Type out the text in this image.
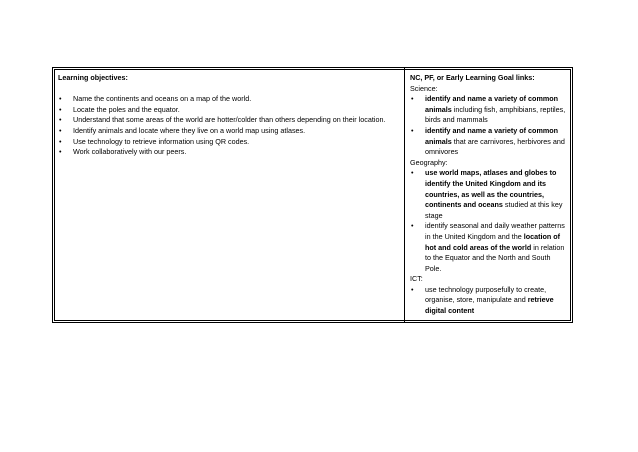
Learning objectives:

• Name the continents and oceans on a map of the world.
• Locate the poles and the equator.
• Understand that some areas of the world are hotter/colder than others depending on their location.
• Identify animals and locate where they live on a world map using atlases.
• Use technology to retrieve information using QR codes.
• Work collaboratively with our peers.

NC, PF, or Early Learning Goal links:

Science:

• identify and name a variety of common animals including fish, amphibians, reptiles, birds and mammals
• identify and name a variety of common animals that are carnivores, herbivores and omnivores

Geography:

• use world maps, atlases and globes to identify the United Kingdom and its countries, as well as the countries, continents and oceans studied at this key stage
• identify seasonal and daily weather patterns in the United Kingdom and the location of hot and cold areas of the world in relation to the Equator and the North and South Pole.

ICT:

• use technology purposefully to create, organise, store, manipulate and retrieve digital content
